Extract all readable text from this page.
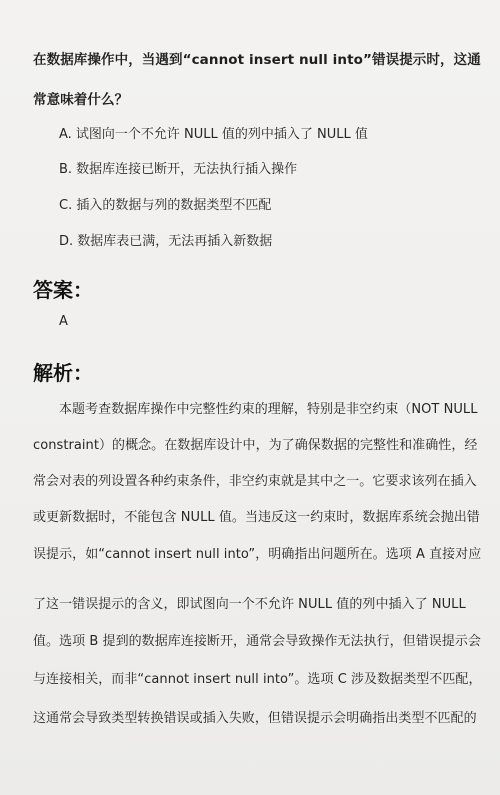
在数据库操作中，当遇到“cannot insert null into”错误提示时，这通
常意味着什么？
A. 试图向一个不允许 NULL 值的列中插入了 NULL 值
B. 数据库连接已断开，无法执行插入操作
C. 插入的数据与列的数据类型不匹配
D. 数据库表已满，无法再插入新数据
答案：
A
解析：
本题考查数据库操作中完整性约束的理解，特别是非空约束（NOT NULL
constraint）的概念。在数据库设计中，为了确保数据的完整性和准确性，经
常会对表的列设置各种约束条件，非空约束就是其中之一。它要求该列在插入
或更新数据时，不能包含 NULL 值。当违反这一约束时，数据库系统会抛出错
误提示，如“cannot insert null into”，明确指出问题所在。选项 A 直接对应
了这一错误提示的含义，即试图向一个不允许 NULL 值的列中插入了 NULL
值。选项 B 提到的数据库连接断开，通常会导致操作无法执行，但错误提示会
与连接相关，而非“cannot insert null into”。选项 C 涉及数据类型不匹配，
这通常会导致类型转换错误或插入失败，但错误提示会明确指出类型不匹配的
